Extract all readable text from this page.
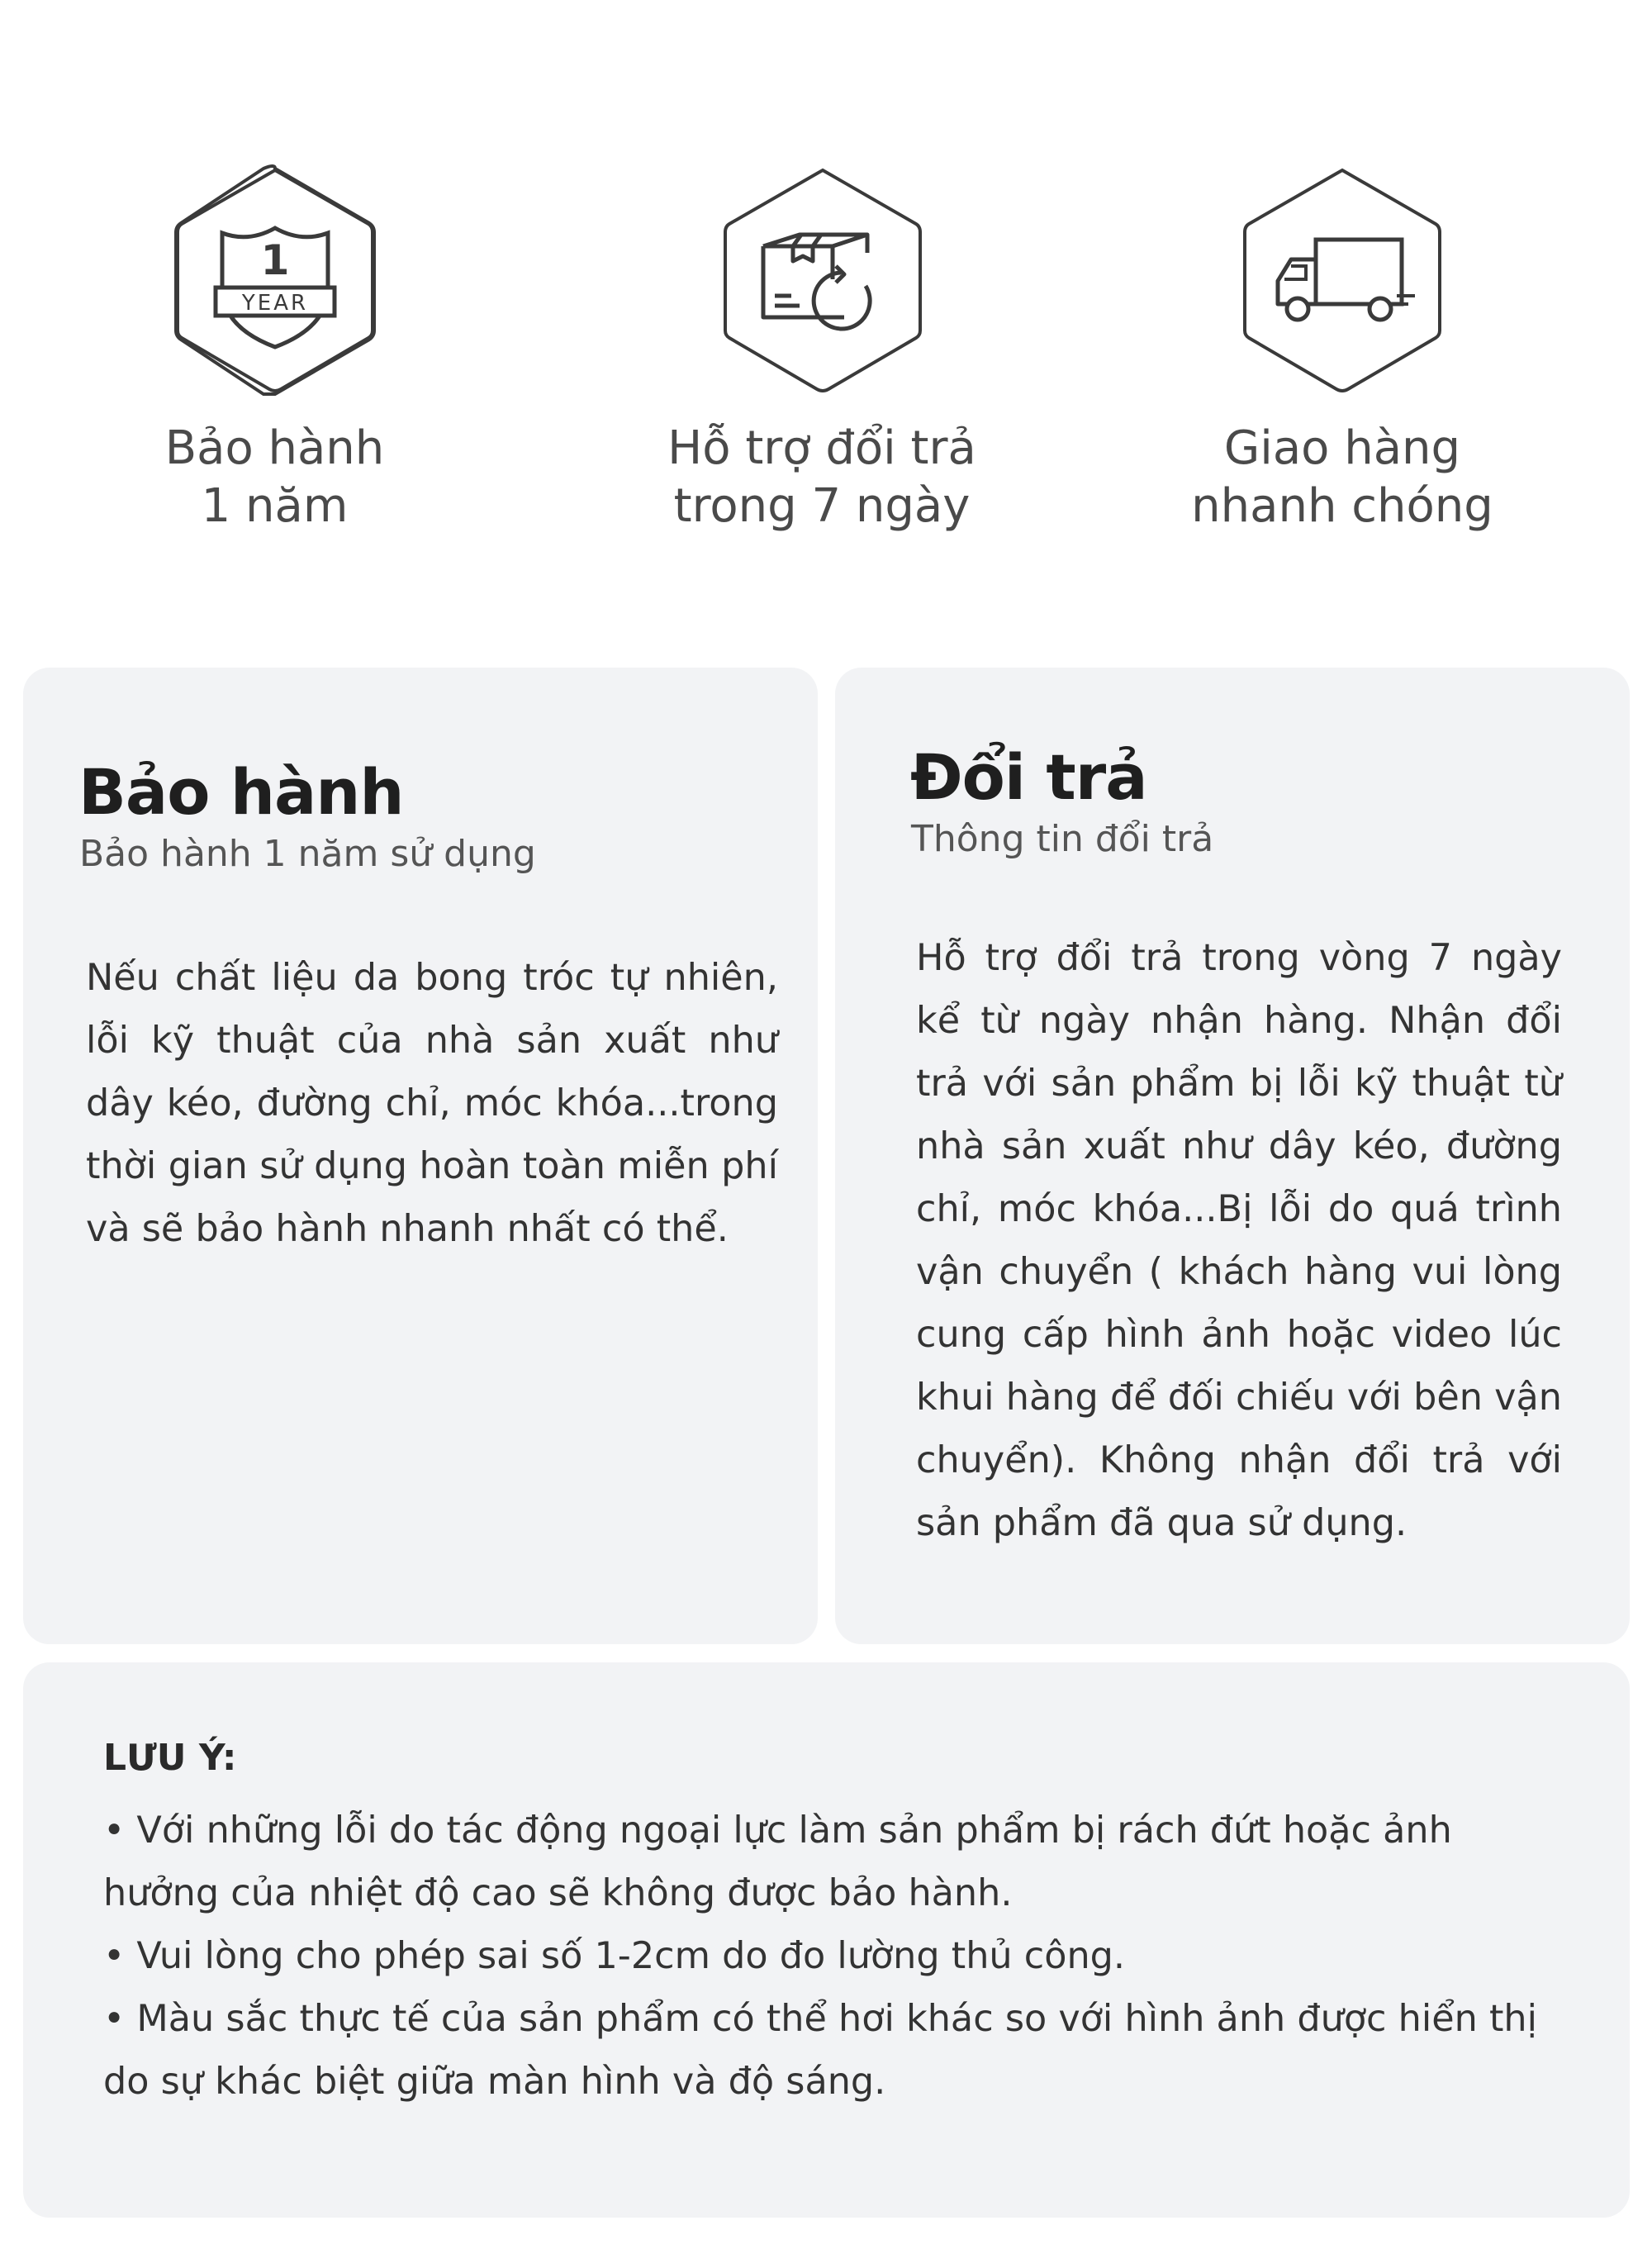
1
YEAR
Bảo hành
1 năm
Hỗ trợ đổi trả
trong 7 ngày
Giao hàng
nhanh chóng
Bảo hành
Bảo hành 1 năm sử dụng
Nếu chất liệu da bong tróc tự nhiên, lỗi kỹ thuật của nhà sản xuất như dây kéo, đường chỉ, móc khóa...trong thời gian sử dụng hoàn toàn miễn phí và sẽ bảo hành nhanh nhất có thể.
Đổi trả
Thông tin đổi trả
Hỗ trợ đổi trả trong vòng 7 ngày kể từ ngày nhận hàng. Nhận đổi trả với sản phẩm bị lỗi kỹ thuật từ nhà sản xuất như dây kéo, đường chỉ, móc khóa...Bị lỗi do quá trình vận chuyển ( khách hàng vui lòng cung cấp hình ảnh hoặc video lúc khui hàng để đối chiếu với bên vận chuyển). Không nhận đổi trả với sản phẩm đã qua sử dụng.
LƯU Ý:
• Với những lỗi do tác động ngoại lực làm sản phẩm bị rách đứt hoặc ảnh hưởng của nhiệt độ cao sẽ không được bảo hành.
• Vui lòng cho phép sai số 1-2cm do đo lường thủ công.
• Màu sắc thực tế của sản phẩm có thể hơi khác so với hình ảnh được hiển thị do sự khác biệt giữa màn hình và độ sáng.
